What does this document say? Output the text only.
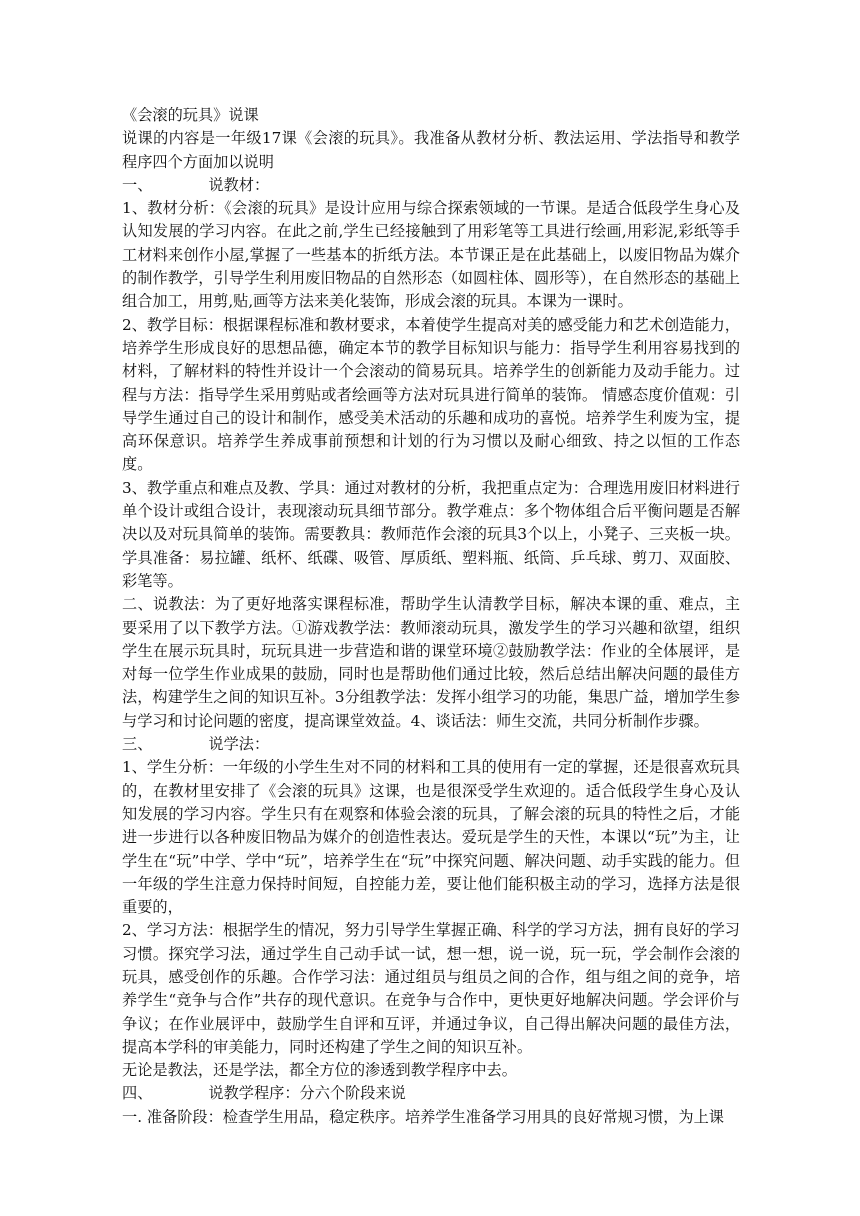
《会滚的玩具》说课

说课的内容是一年级17课《会滚的玩具》。我准备从教材分析、教法运用、学法指导和教学程序四个方面加以说明

一、	说教材：

1、教材分析：《会滚的玩具》是设计应用与综合探索领域的一节课。是适合低段学生身心及认知发展的学习内容。在此之前,学生已经接触到了用彩笔等工具进行绘画,用彩泥,彩纸等手工材料来创作小屋,掌握了一些基本的折纸方法。本节课正是在此基础上，以废旧物品为媒介的制作教学，引导学生利用废旧物品的自然形态（如圆柱体、圆形等），在自然形态的基础上组合加工，用剪,贴,画等方法来美化装饰，形成会滚的玩具。本课为一课时。

2、教学目标：根据课程标准和教材要求，本着使学生提高对美的感受能力和艺术创造能力，培养学生形成良好的思想品德，确定本节的教学目标知识与能力：指导学生利用容易找到的材料，了解材料的特性并设计一个会滚动的简易玩具。培养学生的创新能力及动手能力。过程与方法：指导学生采用剪贴或者绘画等方法对玩具进行简单的装饰。 情感态度价值观：引导学生通过自己的设计和制作，感受美术活动的乐趣和成功的喜悦。培养学生利废为宝，提高环保意识。培养学生养成事前预想和计划的行为习惯以及耐心细致、持之以恒的工作态度。

3、教学重点和难点及教、学具：通过对教材的分析，我把重点定为：合理选用废旧材料进行单个设计或组合设计，表现滚动玩具细节部分。教学难点：多个物体组合后平衡问题是否解决以及对玩具简单的装饰。需要教具：教师范作会滚的玩具3个以上，小凳子、三夹板一块。学具准备：易拉罐、纸杯、纸碟、吸管、厚质纸、塑料瓶、纸筒、乒乓球、剪刀、双面胶、彩笔等。

二、说教法：为了更好地落实课程标准，帮助学生认清教学目标，解决本课的重、难点，主要采用了以下教学方法。①游戏教学法：教师滚动玩具，激发学生的学习兴趣和欲望，组织学生在展示玩具时，玩玩具进一步营造和谐的课堂环境②鼓励教学法：作业的全体展评，是对每一位学生作业成果的鼓励，同时也是帮助他们通过比较，然后总结出解决问题的最佳方法，构建学生之间的知识互补。3分组教学法：发挥小组学习的功能，集思广益，增加学生参与学习和讨论问题的密度，提高课堂效益。4、谈话法：师生交流，共同分析制作步骤。

三、	说学法：

1、学生分析：一年级的小学生生对不同的材料和工具的使用有一定的掌握，还是很喜欢玩具的，在教材里安排了《会滚的玩具》这课，也是很深受学生欢迎的。适合低段学生身心及认知发展的学习内容。学生只有在观察和体验会滚的玩具，了解会滚的玩具的特性之后，才能进一步进行以各种废旧物品为媒介的创造性表达。爱玩是学生的天性，本课以“玩”为主，让学生在“玩”中学、学中“玩”，培养学生在“玩”中探究问题、解决问题、动手实践的能力。但一年级的学生注意力保持时间短，自控能力差，要让他们能积极主动的学习，选择方法是很重要的，

2、学习方法：根据学生的情况，努力引导学生掌握正确、科学的学习方法，拥有良好的学习习惯。探究学习法，通过学生自己动手试一试，想一想，说一说，玩一玩，学会制作会滚的玩具，感受创作的乐趣。合作学习法：通过组员与组员之间的合作，组与组之间的竞争，培养学生“竞争与合作”共存的现代意识。在竞争与合作中，更快更好地解决问题。学会评价与争议；在作业展评中，鼓励学生自评和互评，并通过争议，自己得出解决问题的最佳方法，提高本学科的审美能力，同时还构建了学生之间的知识互补。

无论是教法，还是学法，都全方位的渗透到教学程序中去。

四、	说教学程序：分六个阶段来说

一. 准备阶段：检查学生用品，稳定秩序。培养学生准备学习用具的良好常规习惯，为上课
